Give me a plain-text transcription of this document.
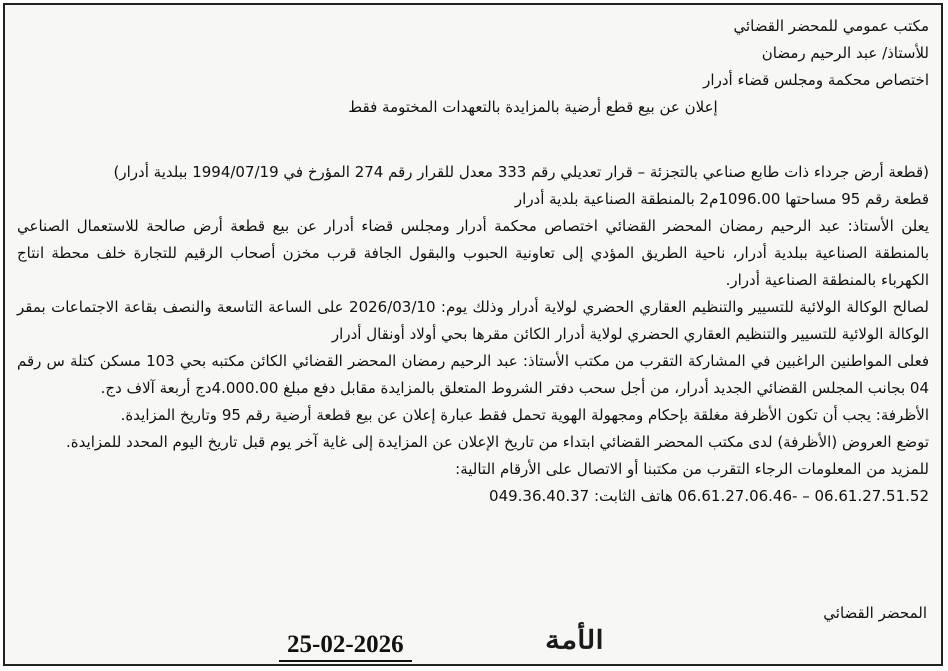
مكتب عمومي للمحضر القضائي
للأستاذ/ عبد الرحيم رمضان
اختصاص محكمة ومجلس قضاء أدرار
إعلان عن بيع قطع أرضية بالمزايدة بالتعهدات المختومة فقط
(قطعة أرض جرداء ذات طابع صناعي بالتجزئة – قرار تعديلي رقم 333 معدل للقرار رقم 274 المؤرخ في 1994/07/19 ببلدية أدرار)
قطعة رقم 95 مساحتها 1096.00م2 بالمنطقة الصناعية بلدية أدرار
يعلن الأستاذ: عبد الرحيم رمضان المحضر القضائي اختصاص محكمة أدرار ومجلس قضاء أدرار عن بيع قطعة أرض صالحة للاستعمال الصناعي بالمنطقة الصناعية ببلدية أدرار، ناحية الطريق المؤدي إلى تعاونية الحبوب والبقول الجافة قرب مخزن أصحاب الرقيم للتجارة خلف محطة انتاج الكهرباء بالمنطقة الصناعية أدرار.
لصالح الوكالة الولائية للتسيير والتنظيم العقاري الحضري لولاية أدرار وذلك يوم: 2026/03/10 على الساعة التاسعة والنصف بقاعة الاجتماعات بمقر الوكالة الولائية للتسيير والتنظيم العقاري الحضري لولاية أدرار الكائن مقرها بحي أولاد أونقال أدرار
فعلى المواطنين الراغبين في المشاركة التقرب من مكتب الأستاذ: عبد الرحيم رمضان المحضر القضائي الكائن مكتبه بحي 103 مسكن كتلة س رقم 04 بجانب المجلس القضائي الجديد أدرار، من أجل سحب دفتر الشروط المتعلق بالمزايدة مقابل دفع مبلغ 4.000.00دج أربعة آلاف دج.
الأظرفة: يجب أن تكون الأظرفة مغلقة بإحكام ومجهولة الهوية تحمل فقط عبارة إعلان عن بيع قطعة أرضية رقم 95 وتاريخ المزايدة.
توضع العروض (الأظرفة) لدى مكتب المحضر القضائي ابتداء من تاريخ الإعلان عن المزايدة إلى غاية آخر يوم قبل تاريخ اليوم المحدد للمزايدة.
للمزيد من المعلومات الرجاء التقرب من مكتبنا أو الاتصال على الأرقام التالية:
06.61.27.51.52 – -06.61.27.06.46 هاتف الثابت: 049.36.40.37
المحضر القضائي
الأمة
25-02-2026
